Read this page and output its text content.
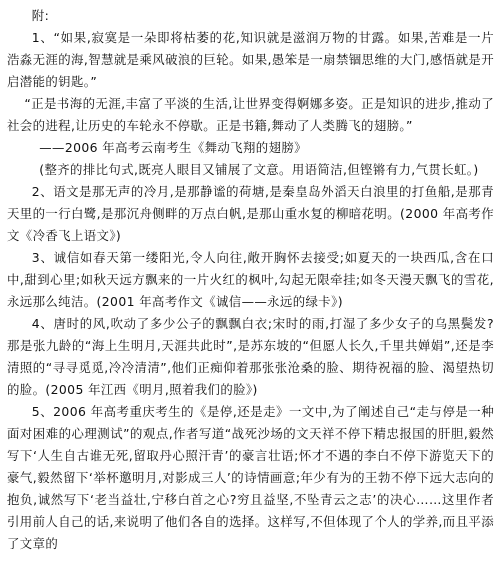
附:

1、“如果,寂寞是一朵即将枯萎的花,知识就是滋润万物的甘露。如果,苦难是一片浩淼无涯的海,智慧就是乘风破浪的巨轮。如果,愚笨是一扇禁锢思维的大门,感悟就是开启潜能的钥匙。”

“正是书海的无涯,丰富了平淡的生活,让世界变得婀娜多姿。正是知识的进步,推动了社会的进程,让历史的车轮永不停歇。正是书籍,舞动了人类腾飞的翅膀。”

——2006 年高考云南考生《舞动飞翔的翅膀》

(整齐的排比句式,既亮人眼目又铺展了文意。用语简洁,但铿锵有力,气贯长虹。)

2、语文是那无声的冷月,是那静谧的荷塘,是秦皇岛外滔天白浪里的打鱼船,是那青天里的一行白鹭,是那沉舟侧畔的万点白帆,是那山重水复的柳暗花明。(2000 年高考作文《冷香飞上语文》)

3、诚信如春天第一缕阳光,令人向往,敞开胸怀去接受;如夏天的一块西瓜,含在口中,甜到心里;如秋天远方飘来的一片火红的枫叶,勾起无限牵挂;如冬天漫天飘飞的雪花,永远那么纯洁。(2001 年高考作文《诚信——永远的绿卡》)

4、唐时的风,吹动了多少公子的飘飘白衣;宋时的雨,打湿了多少女子的乌黑鬓发?那是张九龄的“海上生明月,天涯共此时”,是苏东坡的“但愿人长久,千里共婵娟”,还是李清照的“寻寻觅觅,冷冷清清”,他们正痴仰着那张张沧桑的脸、期待祝福的脸、渴望热切的脸。(2005 年江西《明月,照着我们的脸》)

5、2006 年高考重庆考生的《是停,还是走》一文中,为了阐述自己“走与停是一种面对困难的心理测试”的观点,作者写道“战死沙场的文天祥不停下精忠报国的肝胆,毅然写下‘人生自古谁无死,留取丹心照汗青’的豪言壮语;怀才不遇的李白不停下游览天下的豪气,毅然留下‘举杯邀明月,对影成三人’的诗情画意;年少有为的王勃不停下远大志向的抱负,诚然写下‘老当益壮,宁移白首之心?穷且益坚,不坠青云之志’的决心……这里作者引用前人自己的话,来说明了他们各自的选择。这样写,不但体现了个人的学养,而且平添了文章的
